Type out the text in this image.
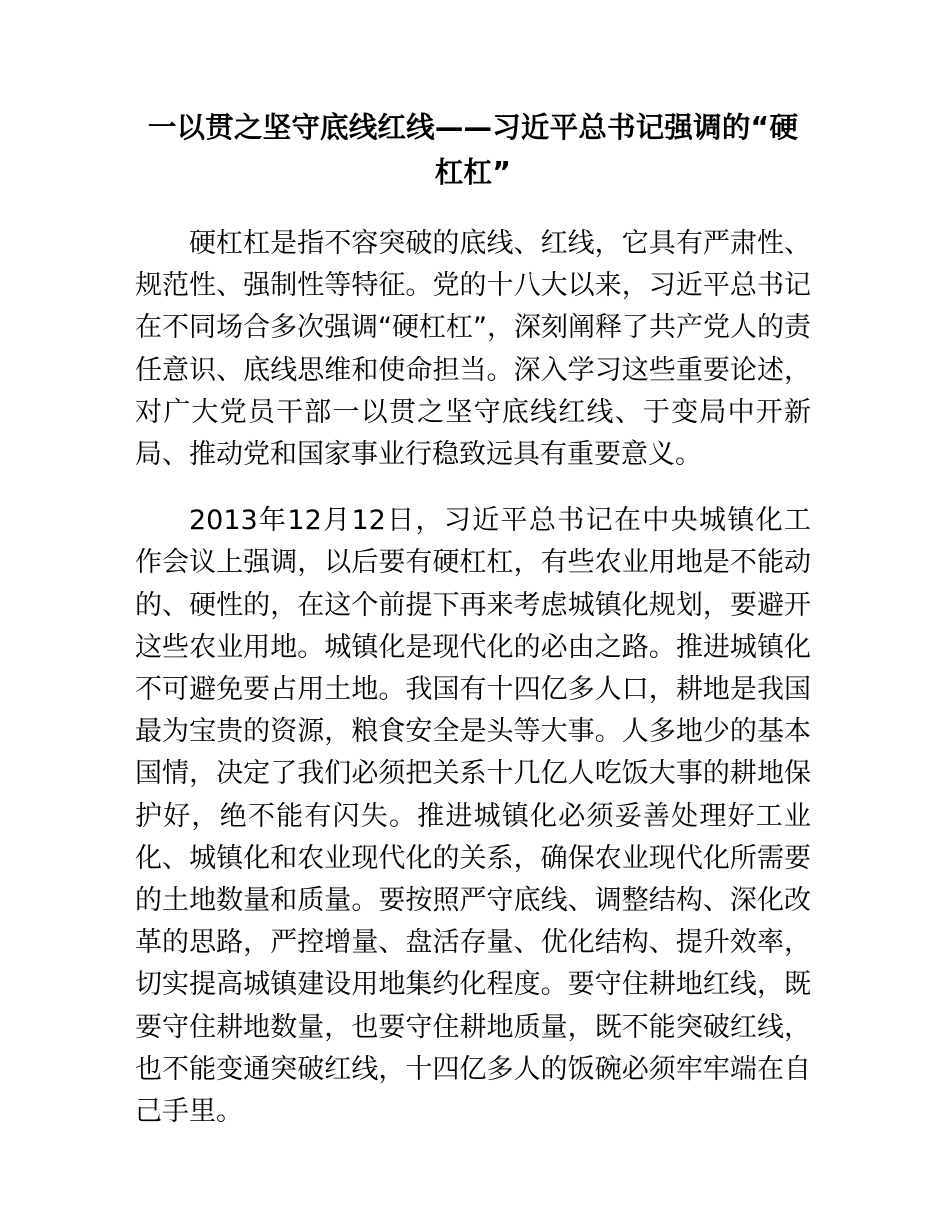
一以贯之坚守底线红线——习近平总书记强调的“硬杠杠”

硬杠杠是指不容突破的底线、红线，它具有严肃性、规范性、强制性等特征。党的十八大以来，习近平总书记在不同场合多次强调“硬杠杠”，深刻阐释了共产党人的责任意识、底线思维和使命担当。深入学习这些重要论述，对广大党员干部一以贯之坚守底线红线、于变局中开新局、推动党和国家事业行稳致远具有重要意义。

2013年12月12日，习近平总书记在中央城镇化工作会议上强调，以后要有硬杠杠，有些农业用地是不能动的、硬性的，在这个前提下再来考虑城镇化规划，要避开这些农业用地。城镇化是现代化的必由之路。推进城镇化不可避免要占用土地。我国有十四亿多人口，耕地是我国最为宝贵的资源，粮食安全是头等大事。人多地少的基本国情，决定了我们必须把关系十几亿人吃饭大事的耕地保护好，绝不能有闪失。推进城镇化必须妥善处理好工业化、城镇化和农业现代化的关系，确保农业现代化所需要的土地数量和质量。要按照严守底线、调整结构、深化改革的思路，严控增量、盘活存量、优化结构、提升效率，切实提高城镇建设用地集约化程度。要守住耕地红线，既要守住耕地数量，也要守住耕地质量，既不能突破红线，也不能变通突破红线，十四亿多人的饭碗必须牢牢端在自己手里。
